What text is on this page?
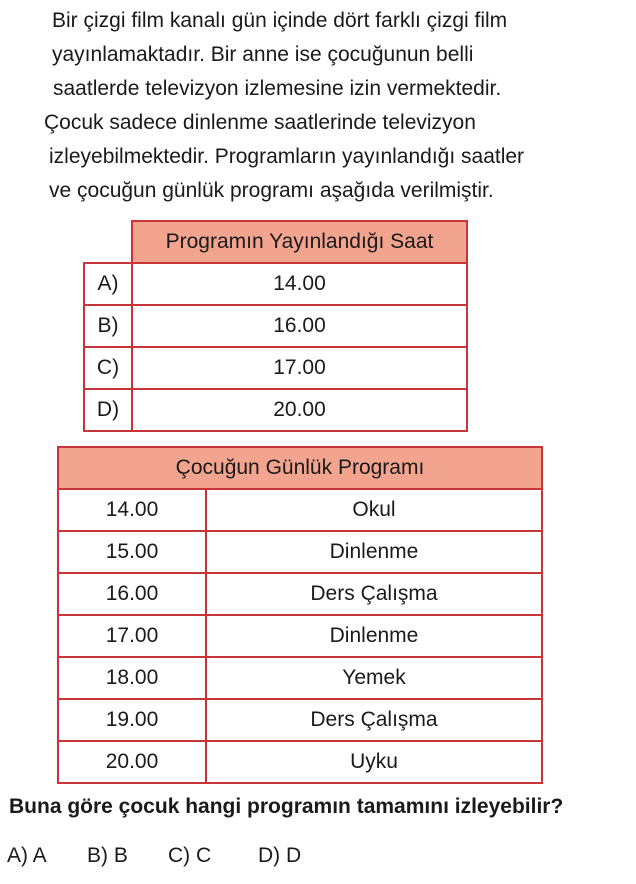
Bir çizgi film kanalı gün içinde dört farklı çizgi film
yayınlamaktadır. Bir anne ise çocuğunun belli
saatlerde televizyon izlemesine izin vermektedir.
Çocuk sadece dinlenme saatlerinde televizyon
izleyebilmektedir. Programların yayınlandığı saatler
ve çocuğun günlük programı aşağıda verilmiştir.
	Programın Yayınlandığı Saat
A)	14.00
B)	16.00
C)	17.00
D)	20.00
Çocuğun Günlük Programı	
14.00	Okul
15.00	Dinlenme
16.00	Ders Çalışma
17.00	Dinlenme
18.00	Yemek
19.00	Ders Çalışma
20.00	Uyku
Buna göre çocuk hangi programın tamamını izleyebilir?
A) A B) B C) C D) D
